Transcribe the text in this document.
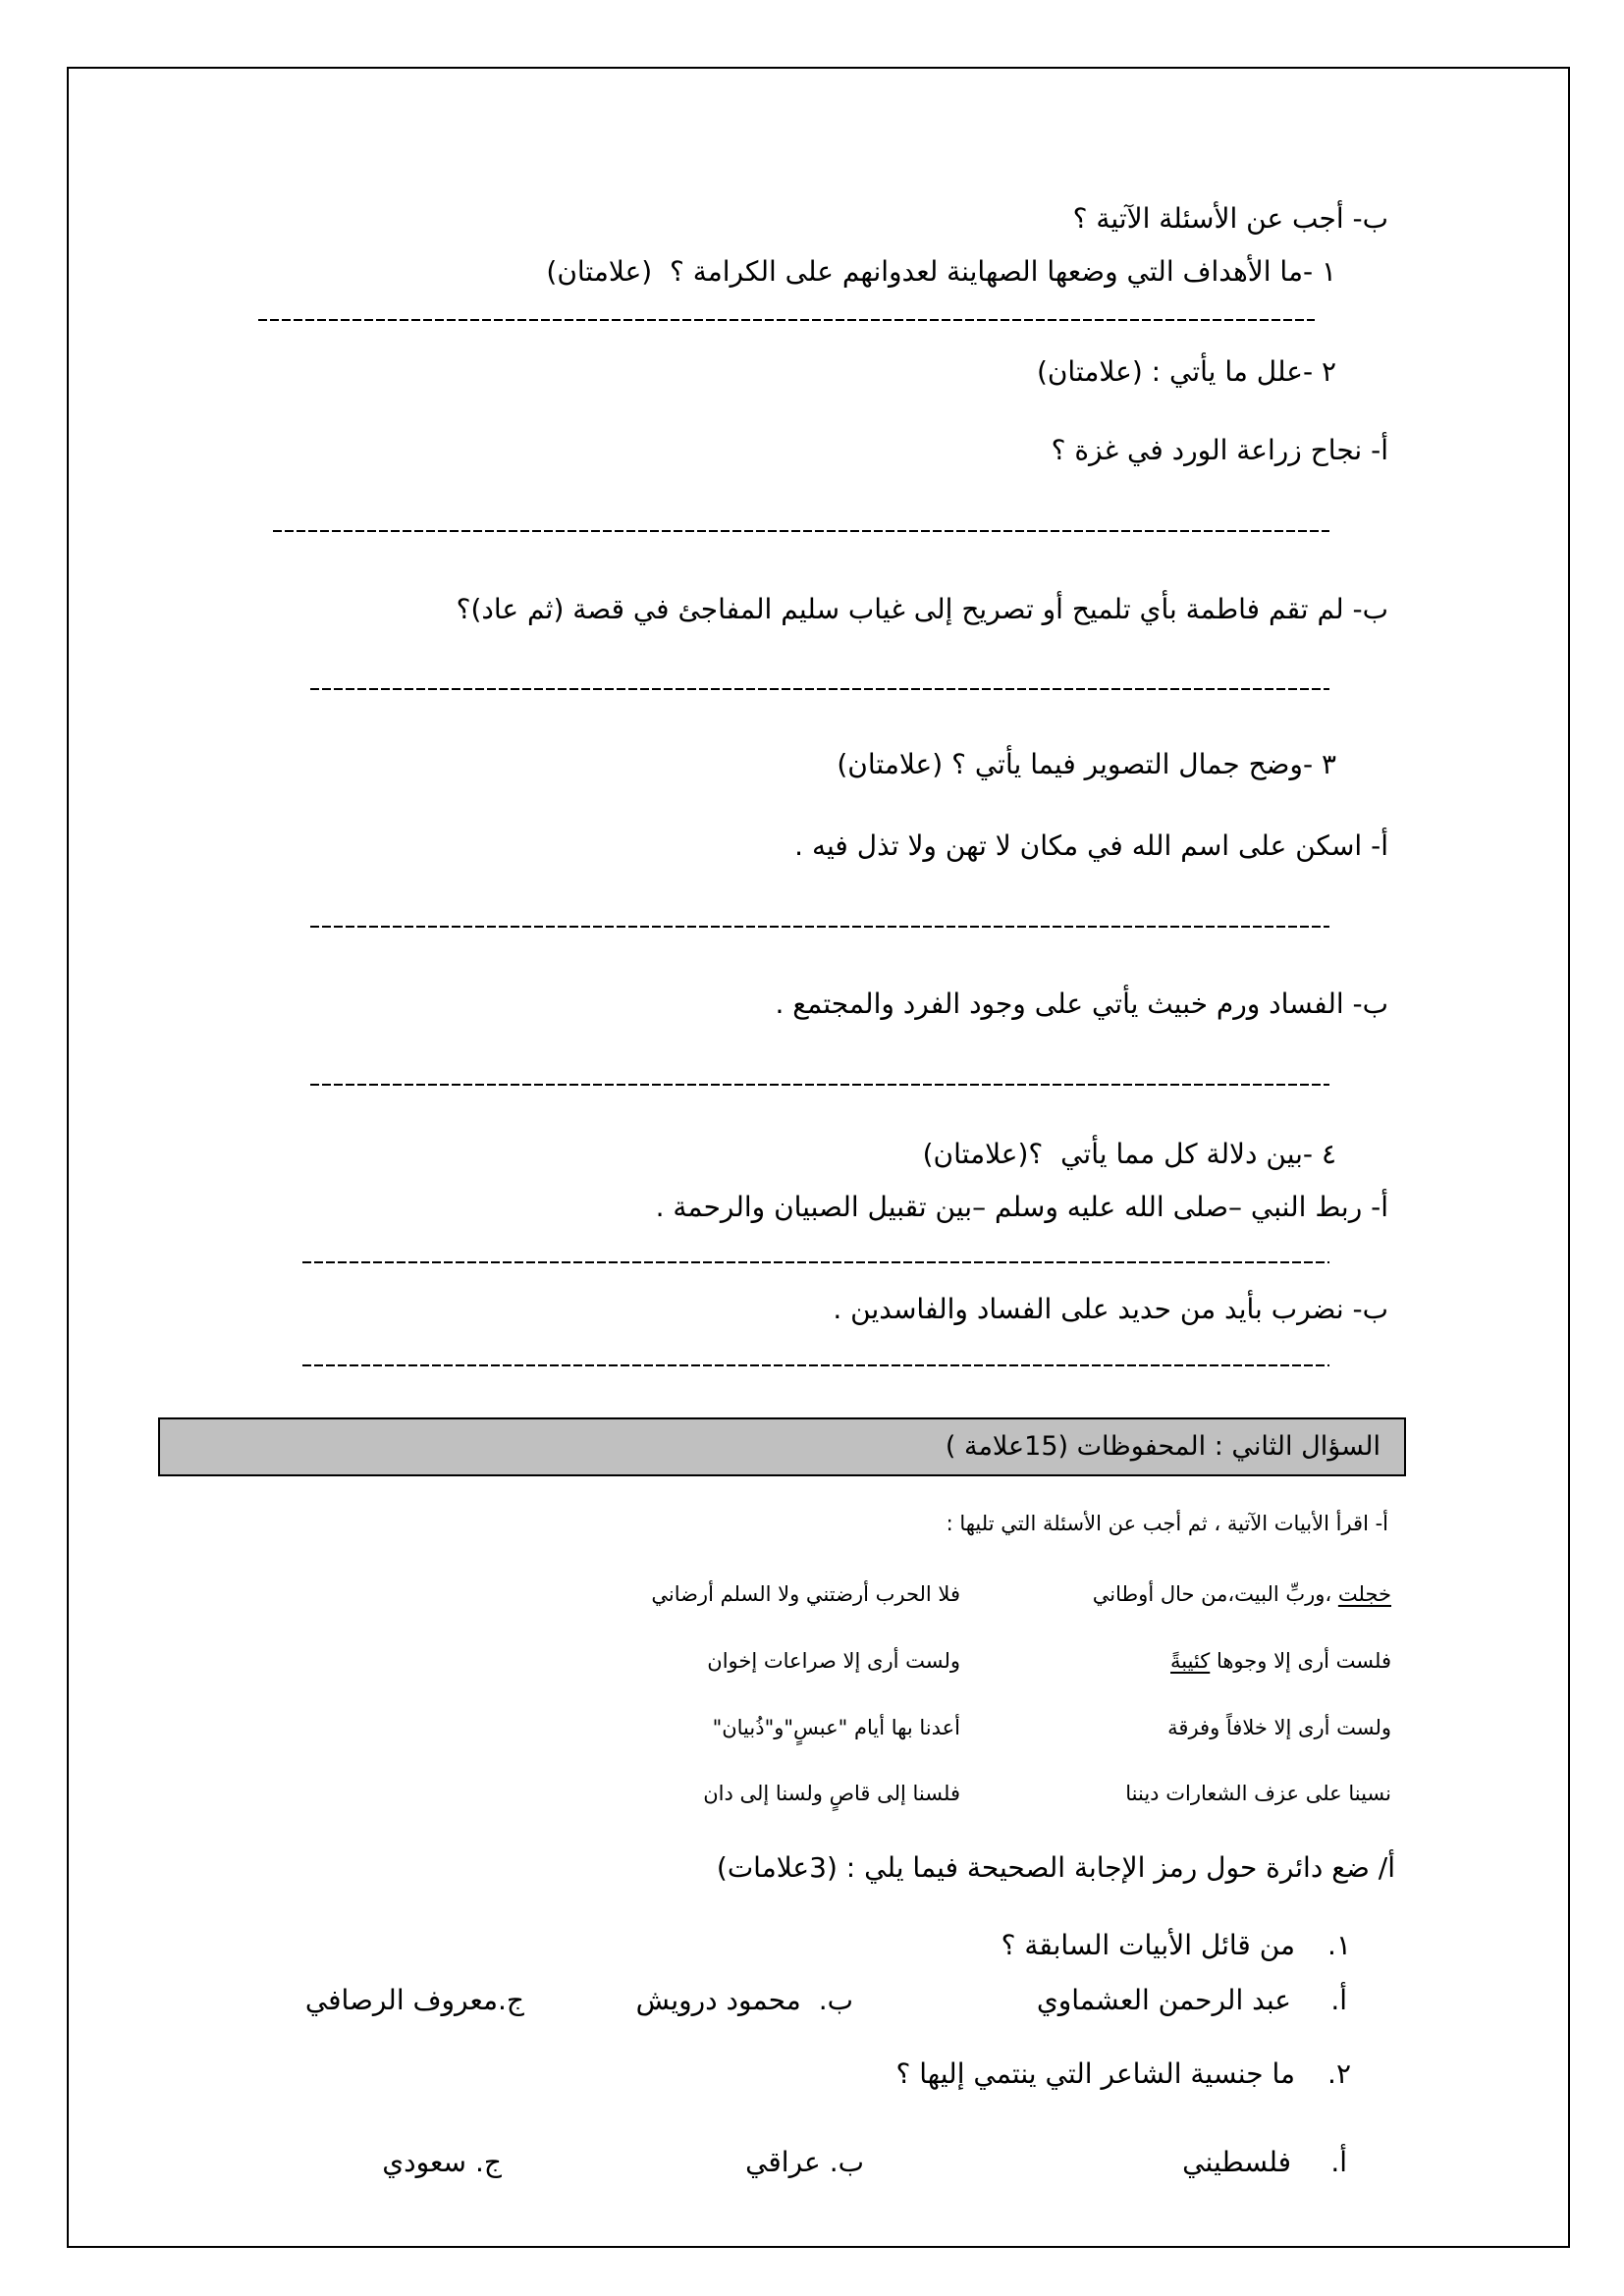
ب- أجب عن الأسئلة الآتية ؟
١ -ما الأهداف التي وضعها الصهاينة لعدوانهم على الكرامة ؟  (علامتان)
٢ -علل ما يأتي : (علامتان)
أ- نجاح زراعة الورد في غزة ؟
ب- لم تقم فاطمة بأي تلميح أو تصريح إلى غياب سليم المفاجئ في قصة (ثم عاد)؟
٣ -وضح جمال التصوير فيما يأتي ؟ (علامتان)
أ- اسكن على اسم الله في مكان لا تهن ولا تذل فيه .
ب- الفساد ورم خبيث يأتي على وجود الفرد والمجتمع .
٤ -بين دلالة كل مما يأتي  ؟(علامتان)
أ- ربط النبي –صلى الله عليه وسلم –بين تقبيل الصبيان والرحمة .
ب- نضرب بأيد من حديد على الفساد والفاسدين .
السؤال الثاني : المحفوظات (15علامة )
أ- اقرأ الأبيات الآتية ، ثم أجب عن الأسئلة التي تليها :
خجلت ،وربِّ البيت،من حال أوطاني
فلا الحرب أرضتني ولا السلم أرضاني
فلست أرى إلا وجوها كئيبةً
ولست أرى إلا صراعات إخوان
ولست أرى إلا خلافاً وفرقة
أعدنا بها أيام "عبسٍ"و"ذُبيان"
نسينا على عزف الشعارات ديننا
فلسنا إلى قاصٍ ولسنا إلى دان
أ/ ضع دائرة حول رمز الإجابة الصحيحة فيما يلي : (3علامات)
١.من قائل الأبيات السابقة ؟
أ.عبد الرحمن العشماوي
ب.محمود درويش
ج.معروف الرصافي
٢.ما جنسية الشاعر التي ينتمي إليها ؟
أ.فلسطيني
ب.عراقي
ج.سعودي
